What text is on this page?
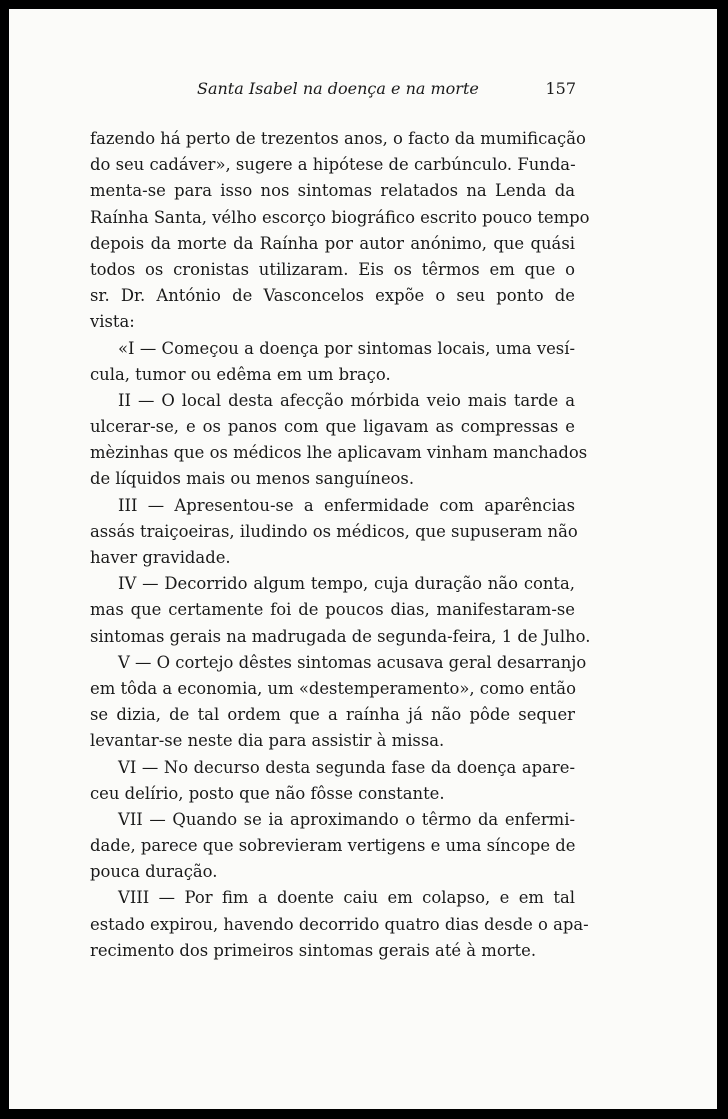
Santa Isabel na doença e na morte	157
fazendo há perto de trezentos anos, o facto da mumificação
do seu cadáver», sugere a hipótese de carbúnculo. Funda-
menta-se para isso nos sintomas relatados na Lenda da
Raínha Santa, vélho escorço biográfico escrito pouco tempo
depois da morte da Raínha por autor anónimo, que quási
todos os cronistas utilizaram. Eis os têrmos em que o
sr. Dr. António de Vasconcelos expõe o seu ponto de
vista:
«I — Começou a doença por sintomas locais, uma vesí-
cula, tumor ou edêma em um braço.
II — O local desta afecção mórbida veio mais tarde a
ulcerar-se, e os panos com que ligavam as compressas e
mèzinhas que os médicos lhe aplicavam vinham manchados
de líquidos mais ou menos sanguíneos.
III — Apresentou-se a enfermidade com aparências
assás traiçoeiras, iludindo os médicos, que supuseram não
haver gravidade.
IV — Decorrido algum tempo, cuja duração não conta,
mas que certamente foi de poucos dias, manifestaram-se
sintomas gerais na madrugada de segunda-feira, 1 de Julho.
V — O cortejo dêstes sintomas acusava geral desarranjo
em tôda a economia, um «destemperamento», como então
se dizia, de tal ordem que a raínha já não pôde sequer
levantar-se neste dia para assistir à missa.
VI — No decurso desta segunda fase da doença apare-
ceu delírio, posto que não fôsse constante.
VII — Quando se ia aproximando o têrmo da enfermi-
dade, parece que sobrevieram vertigens e uma síncope de
pouca duração.
VIII — Por fim a doente caiu em colapso, e em tal
estado expirou, havendo decorrido quatro dias desde o apa-
recimento dos primeiros sintomas gerais até à morte.
